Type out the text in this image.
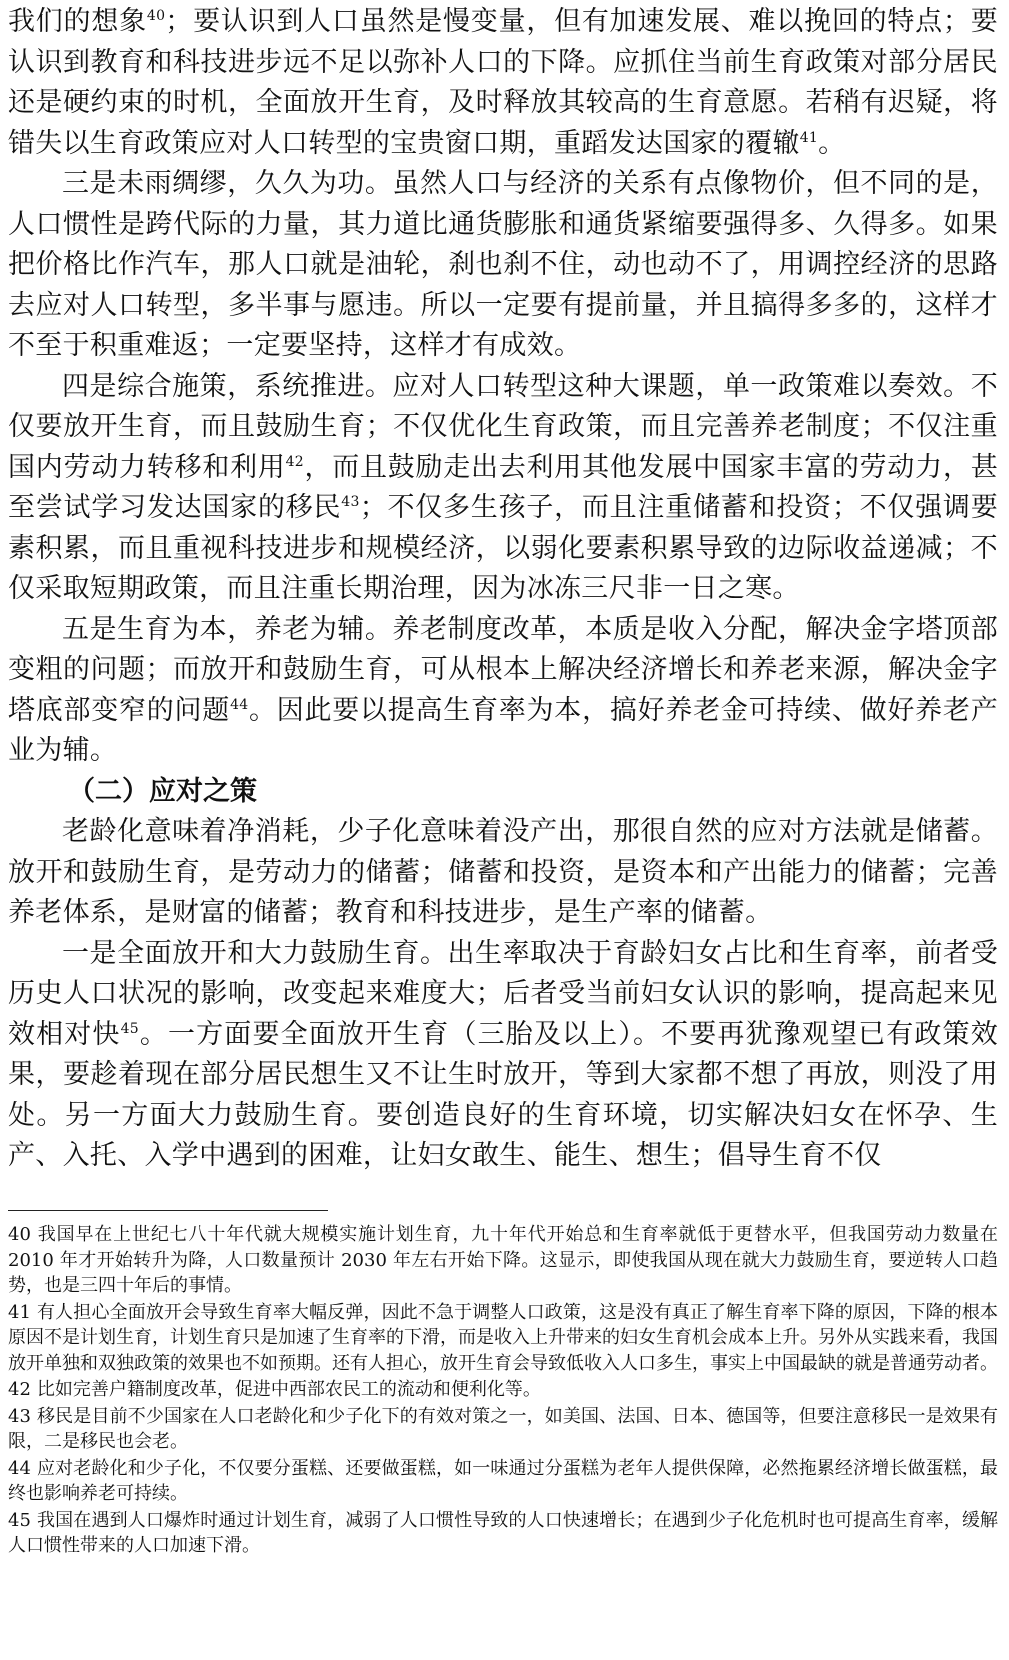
我们的想象$^{40}$；要认识到人口虽然是慢变量，但有加速发展、难以挽回的特点；要认识到教育和科技进步远不足以弥补人口的下降。应抓住当前生育政策对部分居民还是硬约束的时机，全面放开生育，及时释放其较高的生育意愿。若稍有迟疑，将错失以生育政策应对人口转型的宝贵窗口期，重蹈发达国家的覆辙$^{41}$。

三是未雨绸缪，久久为功。虽然人口与经济的关系有点像物价，但不同的是，人口惯性是跨代际的力量，其力道比通货膨胀和通货紧缩要强得多、久得多。如果把价格比作汽车，那人口就是油轮，刹也刹不住，动也动不了，用调控经济的思路去应对人口转型，多半事与愿违。所以一定要有提前量，并且搞得多多的，这样才不至于积重难返；一定要坚持，这样才有成效。

四是综合施策，系统推进。应对人口转型这种大课题，单一政策难以奏效。不仅要放开生育，而且鼓励生育；不仅优化生育政策，而且完善养老制度；不仅注重国内劳动力转移和利用$^{42}$，而且鼓励走出去利用其他发展中国家丰富的劳动力，甚至尝试学习发达国家的移民$^{43}$；不仅多生孩子，而且注重储蓄和投资；不仅强调要素积累，而且重视科技进步和规模经济，以弱化要素积累导致的边际收益递减；不仅采取短期政策，而且注重长期治理，因为冰冻三尺非一日之寒。

五是生育为本，养老为辅。养老制度改革，本质是收入分配，解决金字塔顶部变粗的问题；而放开和鼓励生育，可从根本上解决经济增长和养老来源，解决金字塔底部变窄的问题$^{44}$。因此要以提高生育率为本，搞好养老金可持续、做好养老产业为辅。

（二）应对之策

老龄化意味着净消耗，少子化意味着没产出，那很自然的应对方法就是储蓄。放开和鼓励生育，是劳动力的储蓄；储蓄和投资，是资本和产出能力的储蓄；完善养老体系，是财富的储蓄；教育和科技进步，是生产率的储蓄。

一是全面放开和大力鼓励生育。出生率取决于育龄妇女占比和生育率，前者受历史人口状况的影响，改变起来难度大；后者受当前妇女认识的影响，提高起来见效相对快$^{45}$。一方面要全面放开生育（三胎及以上）。不要再犹豫观望已有政策效果，要趁着现在部分居民想生又不让生时放开，等到大家都不想了再放，则没了用处。另一方面大力鼓励生育。要创造良好的生育环境，切实解决妇女在怀孕、生产、入托、入学中遇到的困难，让妇女敢生、能生、想生；倡导生育不仅

40 我国早在上世纪七八十年代就大规模实施计划生育，九十年代开始总和生育率就低于更替水平，但我国劳动力数量在 2010 年才开始转升为降，人口数量预计 2030 年左右开始下降。这显示，即使我国从现在就大力鼓励生育，要逆转人口趋势，也是三四十年后的事情。

41 有人担心全面放开会导致生育率大幅反弹，因此不急于调整人口政策，这是没有真正了解生育率下降的原因，下降的根本原因不是计划生育，计划生育只是加速了生育率的下滑，而是收入上升带来的妇女生育机会成本上升。另外从实践来看，我国放开单独和双独政策的效果也不如预期。还有人担心，放开生育会导致低收入人口多生，事实上中国最缺的就是普通劳动者。

42 比如完善户籍制度改革，促进中西部农民工的流动和便利化等。

43 移民是目前不少国家在人口老龄化和少子化下的有效对策之一，如美国、法国、日本、德国等，但要注意移民一是效果有限，二是移民也会老。

44 应对老龄化和少子化，不仅要分蛋糕、还要做蛋糕，如一味通过分蛋糕为老年人提供保障，必然拖累经济增长做蛋糕，最终也影响养老可持续。

45 我国在遇到人口爆炸时通过计划生育，减弱了人口惯性导致的人口快速增长；在遇到少子化危机时也可提高生育率，缓解人口惯性带来的人口加速下滑。
